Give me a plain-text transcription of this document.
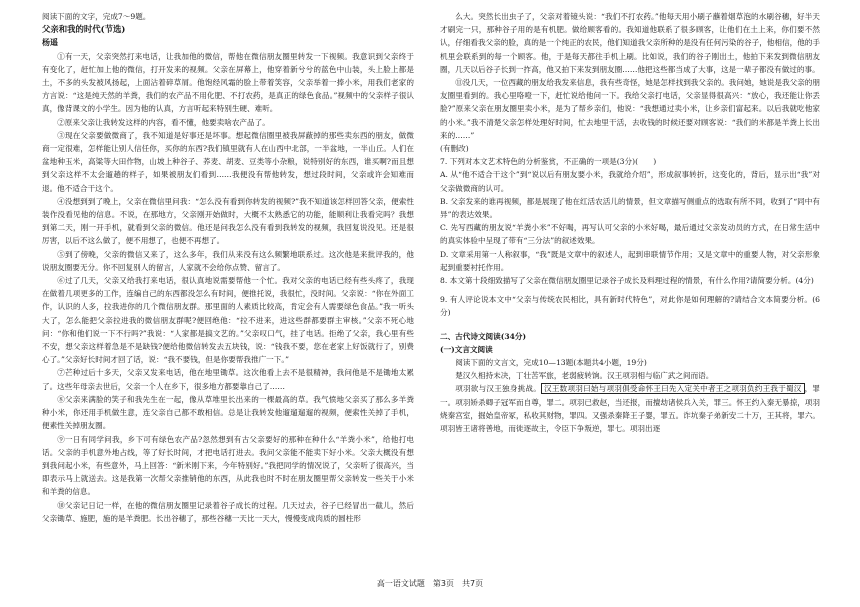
阅读下面的文字，完成7～9题。

父亲和我的时代(节选)

杨遥

①有一天，父亲突然打来电话，让我加他的微信，帮他在微信朋友圈里转发一下视频。我意识到父亲终于有变化了，赶忙加上他的微信，打开发来的视频。父亲在屏幕上，他穿着新兮兮的蓝色中山装，头上脸上都是土，不多的头发被风扬起，上面沾着碎草屑。他饱经风霜的脸上带着笑容，父亲举着一捧小米，用我们老家的方言说：“这是纯天然的羊粪，我们的农产品不用化肥、不打农药，是真正的绿色食品。”视频中的父亲样子很认真，像背课文的小学生。因为他的认真，方言听起来特别生硬、难听。

②原来父亲让我转发这样的内容，看不懂，他要卖啥农产品了。

③现在父亲要做微商了，我不知道是好事还是坏事。想起微信圈里被我屏蔽掉的那些卖东西的朋友，做微商一定很难，怎样能让别人信任你，买你的东西?我们镇里就有人在山西中北部，一半盆地，一半山丘。人们在盆地种玉米，高粱等大田作物，山坡上种谷子、荞麦、胡麦、豆类等小杂粮，说特别好的东西，谁买啊?而且想到父亲这样不太会遛趟的样子，如果被朋友们看到……我便没有帮他转发，想过段时间，父亲或许会知难而退。他不适合干这个。

④没想到到了晚上，父亲在微信里问我：“怎么没有看到你转发的视频?”我不知道该怎样回答父亲，便索性装作没看见他的信息。不说，在那地方，父亲刚开始做时，大概不太熟悉它的功能，能顺利让我看完吗？我想到第二天，刚一开手机，就看到父亲的微信。他还是问我怎么没有看到我转发的视频，我回复说没见。还是很厉害，以后不这么做了，便不用想了，也便不再想了。

⑤到了傍晚，父亲的微信又来了，这么多年，我们从来没有这么频繁地联系过。这次他是来批评我的，他说朋友圈要无分。你不回复别人的留言，人家就不会给你点赞、留言了。

⑥过了几天，父亲又给我打来电话，很认真地说需要帮他一个忙。我对父亲的电话已经有些头疼了，我现在做着几项更多的工作，连编自己的东西都没怎么有时间，便推托说，我很忙，没时间。父亲说：“你在外面工作，认识的人多，拉我进你的几个微信朋友群。那里面的人素质比较高，肯定会有人需要绿色食品。”我一听头大了，怎么能把父亲拉进我的微信朋友群呢?便回绝他：“拉不进来，进这些群都要群主审核。”父亲不死心地问：“你和他们说一下不行吗?”我说：“人家都是搞文艺的。”父亲叹口气，挂了电话。拒绝了父亲，我心里有些不安，想父亲这样着急是不是缺钱?便给他微信转发去五块钱，说：“钱我不要，您在老家上好饭就行了，别费心了。”父亲好长时间才回了话，说：“我不要钱，但是你要帮我推广一下。”

⑦芒种过后十多天，父亲又发来电话，他在地里锄草。这次他看上去不是很精神，我问他是不是锄地太累了。这些年母亲去世后，父亲一个人在乡下，很多地方都要靠自己了……

⑧父亲来满脸的笑子和我先生在一起，像从草堆里长出来的一棵最高的草。我气愤地父亲买了那么多羊粪种小米，你还用手机做生意，连父亲自己都不敢相信。总是让我转发他遛遛遛遛的视频，便索性关掉了手机，便素性关掉朋友圈。

⑨一日有同学问我，乡下可有绿色农产品?忽然想到有古父亲要好的那种在种什么“羊粪小米”，给他打电话。父亲的手机意外地占线，等了好长时间，才把电话打进去。我问父亲能不能卖下好小米。父亲大概没有想到我问起小米，有些意外，马上回答：“新米刚下来，今年特别好。”我把同学的情况说了，父亲听了很高兴，当即表示马上就送去。这是我第一次帮父亲推销他的东西，从此我也时不时在朋友圈里帮父亲转发一些关于小米和羊粪的信息。

⑩父亲记日记一样，在他的微信朋友圈里记录着谷子成长的过程。几天过去，谷子已经冒出一截儿，然后父亲锄草、施肥，施的是羊粪肥。长出谷穗了，那些谷穗一天比一天大，慢慢变成肉质的圆柱形

么大。突然长出虫子了，父亲对着镜头说：“我们不打农药。”他每天用小刷子蘸着烟草泡的水刷谷穗，好半天才刷完一只，那种谷子用的是有机肥。做给顾客看的。我知道他联系了很多顾客，让他们在土上来，你们要不然认，仔细看我父亲的脸，真的是一个纯正的农民，他们知道我父亲所种的是没有任何污染的谷子，他相信，他的手机里会联系到的每一个顾客。他，于是每天都往手机上刷。比如说，我们的谷子刚出土，他拍下来发到微信朋友圈，几天以后谷子长到一拃高，他又拍下来发到朋友圈……他把这些都当成了大事，这是一辈子都没有做过的事。

⑪没几天，一位西藏的朋友给我发来信息，我有些奇怪，她是怎样找到我父亲的。我问她，她说是我父亲的朋友圈里看到的。我心里咯噔一下，赶忙说给他问一下。我给父亲打电话，父亲显得很高兴：“放心，我还能让你丢脸?”原来父亲在朋友圈里卖小米，是为了帮乡亲们，他说：“我想通过卖小米，让乡亲们富起来。以后我就吃他家的小米。”我不清楚父亲怎样处理好时间，忙去地里干活，去收钱的时候还要对顾客说：“我们的米都是羊粪上长出来的……”

(有删改)

7. 下列对本文艺术特色的分析鉴赏，不正确的一项是(3分)(　　)

A. 从“他不适合干这个”到“说以后有朋友要小米，我就给介绍”，形成叙事转折，这变化的，背后，显示出“我”对父亲做微商的认可。

B. 父亲发来的谁再视频，都是展现了他在红活农活儿的情景，但文章描写侧重点的选取有所不同，收到了“同中有异”的表达效果。

C. 先写西藏的朋友说“羊粪小米”不好喝，再写认可父亲的小米好喝，最后通过父亲发动员的方式，在日常生活中的真实体验中呈现了带有“三分法”的叙述效果。

D. 文章采用第一人称叙事，“我”既是文章中的叙述人，起到串联情节作用；又是文章中的重要人物，对父亲形象起到重要衬托作用。

8. 本文第十段细致描写了父亲在微信朋友圈里记录谷子成长及料理过程的情景，有什么作用?请简要分析。(4分)

9. 有人评论说本文中“父亲与传统农民相比，具有新时代特色”，对此你是如何理解的?请结合文本简要分析。(6分)

二、古代诗文阅读(34分)

(一)文言文阅读

阅读下面的文言文，完成10—13题(本题共4小题，19分)

楚汉久相持未决，丁壮苦军旅，老弱疲转饷。汉王项羽相与临广武之间而语。

项羽欲与汉王独身挑战。 汉王数项羽曰始与项羽俱受命怀王曰先入定关中者王之项羽负约王我于蜀汉 ，罪一。项羽矫杀卿子冠军而自尊，罪二。项羽已救赵，当还报，而擅劫诸侯兵入关，罪三。怀王约入秦无暴掠，项羽烧秦宫室，掘始皇帝冢，私收其财物，罪四。又强杀秦降王子婴，罪五。诈坑秦子弟新安二十万，王其将，罪六。项羽皆王诸将善地，而徙逐故主，令臣下争叛逆，罪七。项羽出逐

高一语文试题　第3页　共7页
